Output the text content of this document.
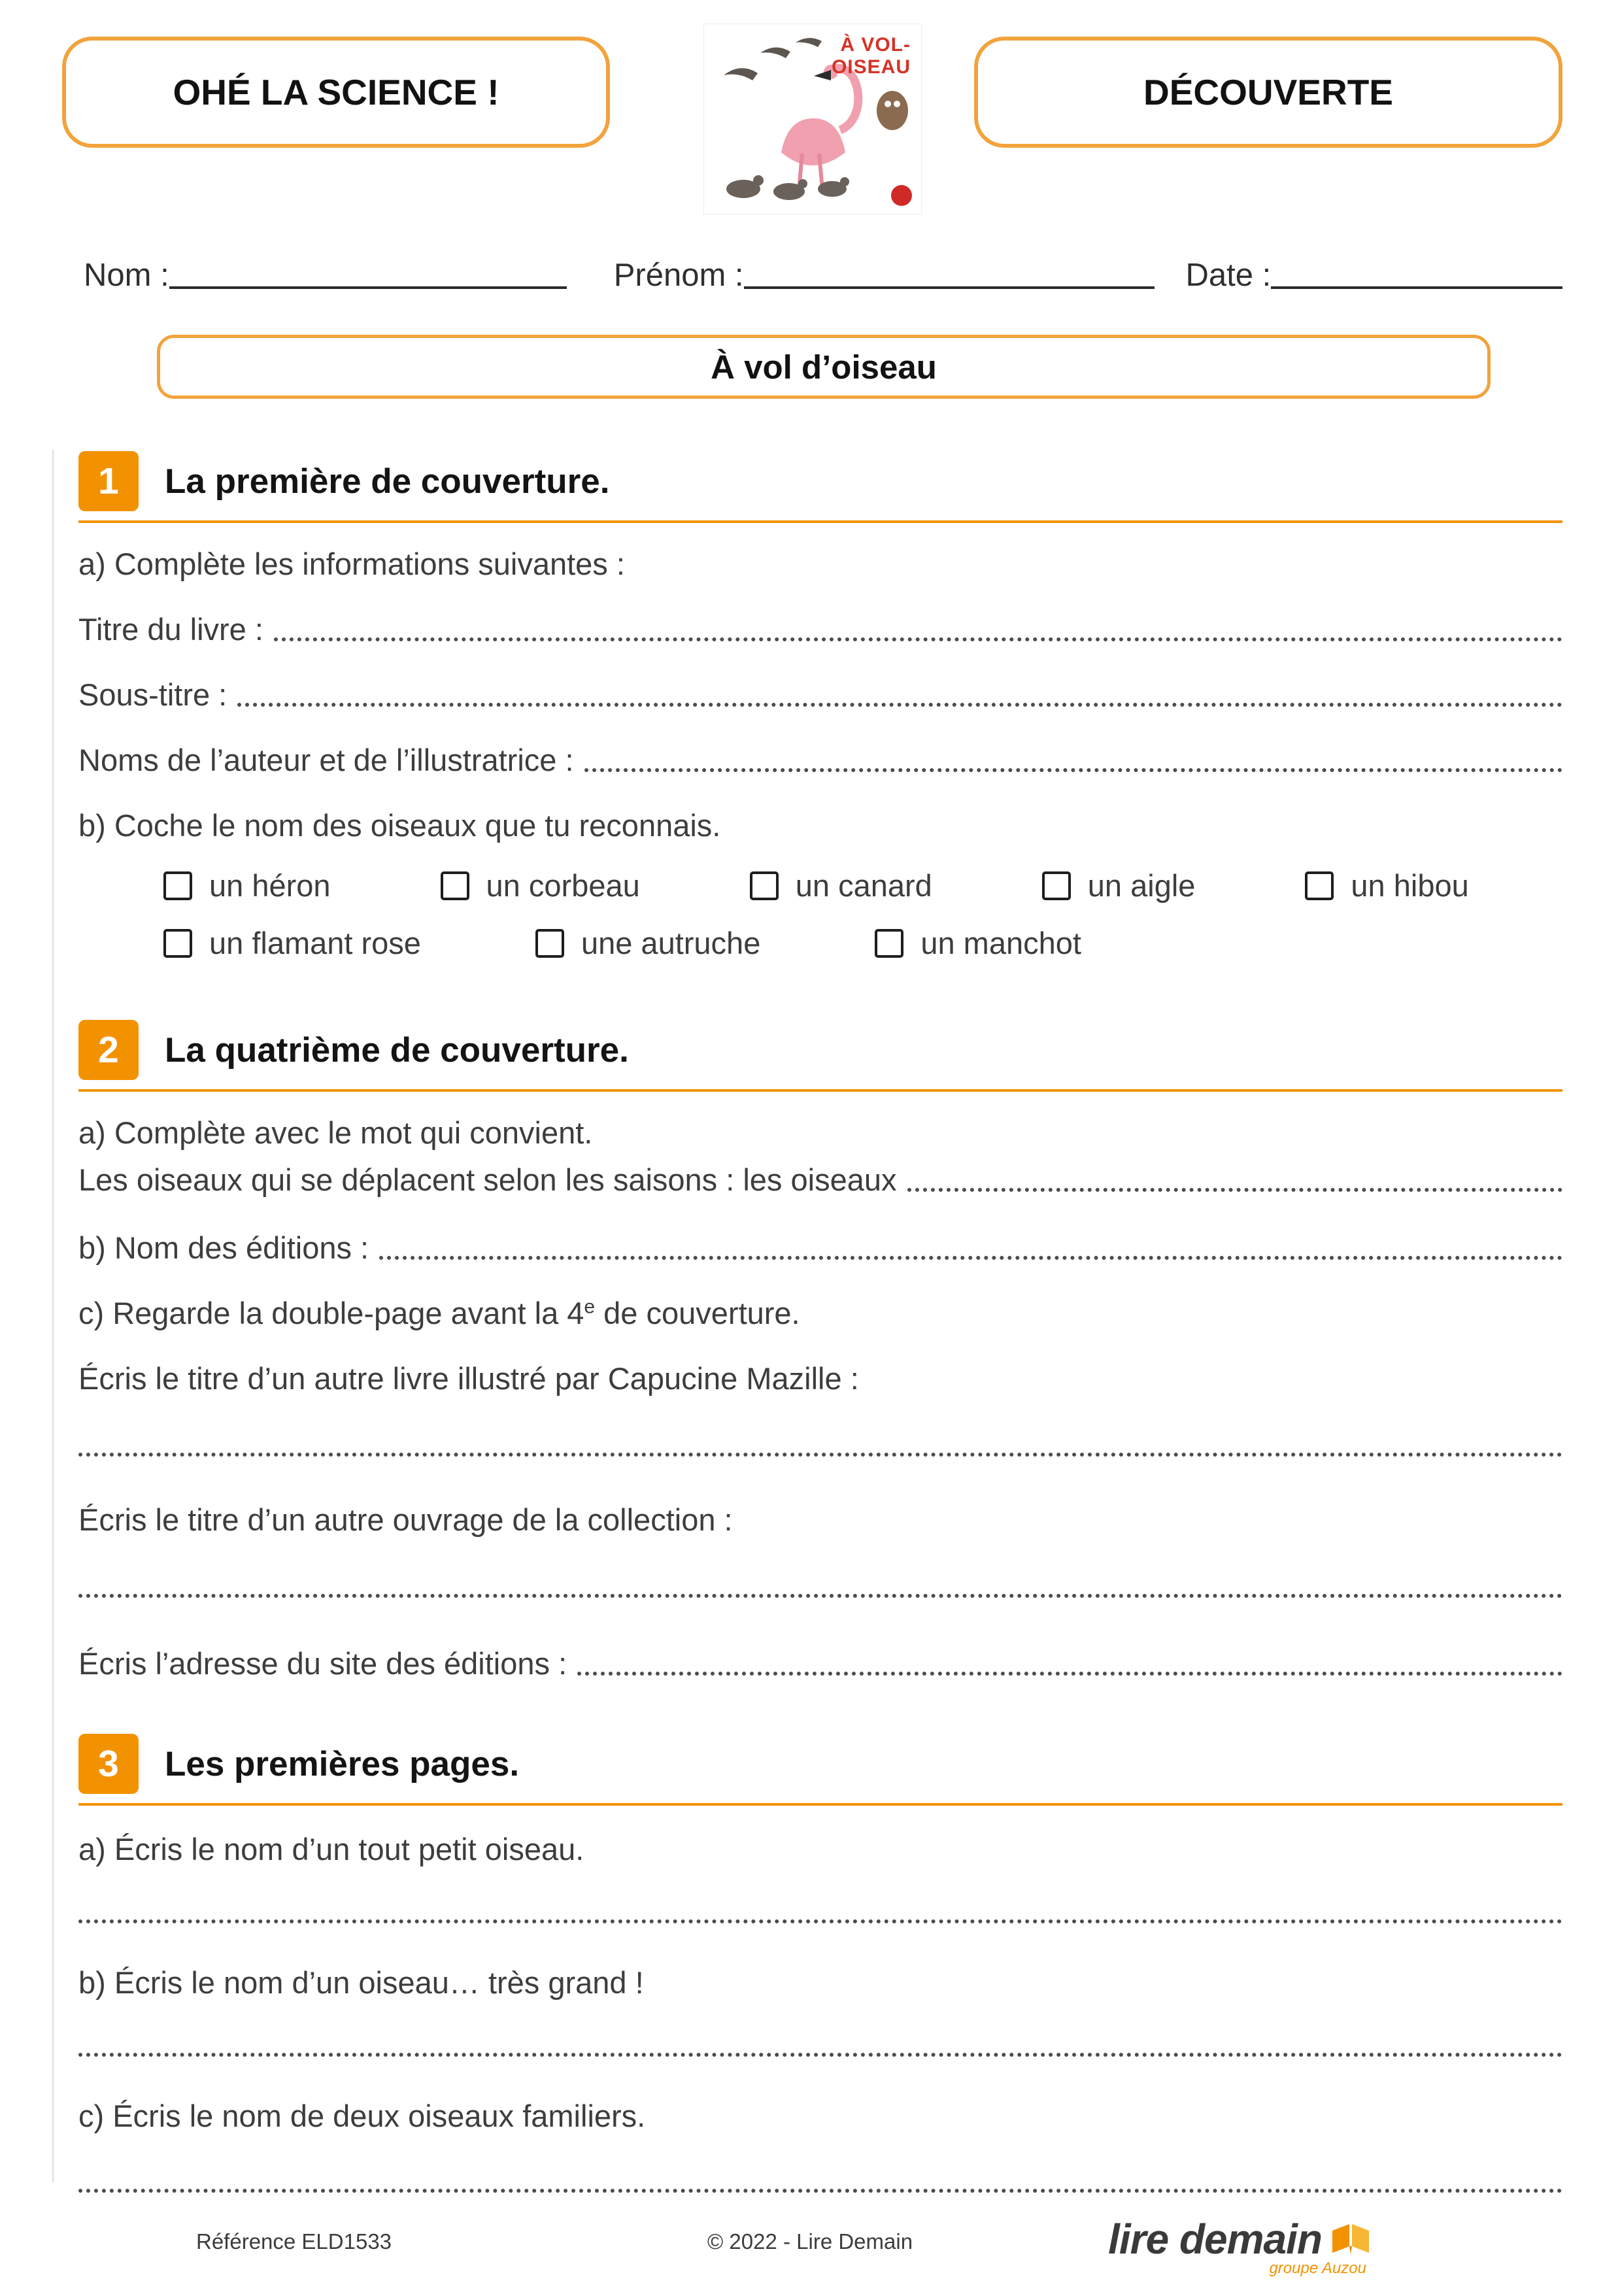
OHÉ LA SCIENCE !
À VOL-
OISEAU
DÉCOUVERTE
Nom :	Prénom :	Date :
À vol d’oiseau
1	La première de couverture.
a) Complète les informations suivantes :
Titre du livre :
Sous-titre :
Noms de l’auteur et de l’illustratrice :
b) Coche le nom des oiseaux que tu reconnais.
un héron	un corbeau	un canard	un aigle	un hibou
un flamant rose	une autruche	un manchot
2	La quatrième de couverture.
a) Complète avec le mot qui convient.
Les oiseaux qui se déplacent selon les saisons : les oiseaux
b) Nom des éditions :
c) Regarde la double-page avant la 4e de couverture.
Écris le titre d’un autre livre illustré par Capucine Mazille :
Écris le titre d’un autre ouvrage de la collection :
Écris l’adresse du site des éditions :
3	Les premières pages.
a) Écris le nom d’un tout petit oiseau.
b) Écris le nom d’un oiseau… très grand !
c) Écris le nom de deux oiseaux familiers.
Référence ELD1533	© 2022 - Lire Demain	lire demain
groupe Auzou
